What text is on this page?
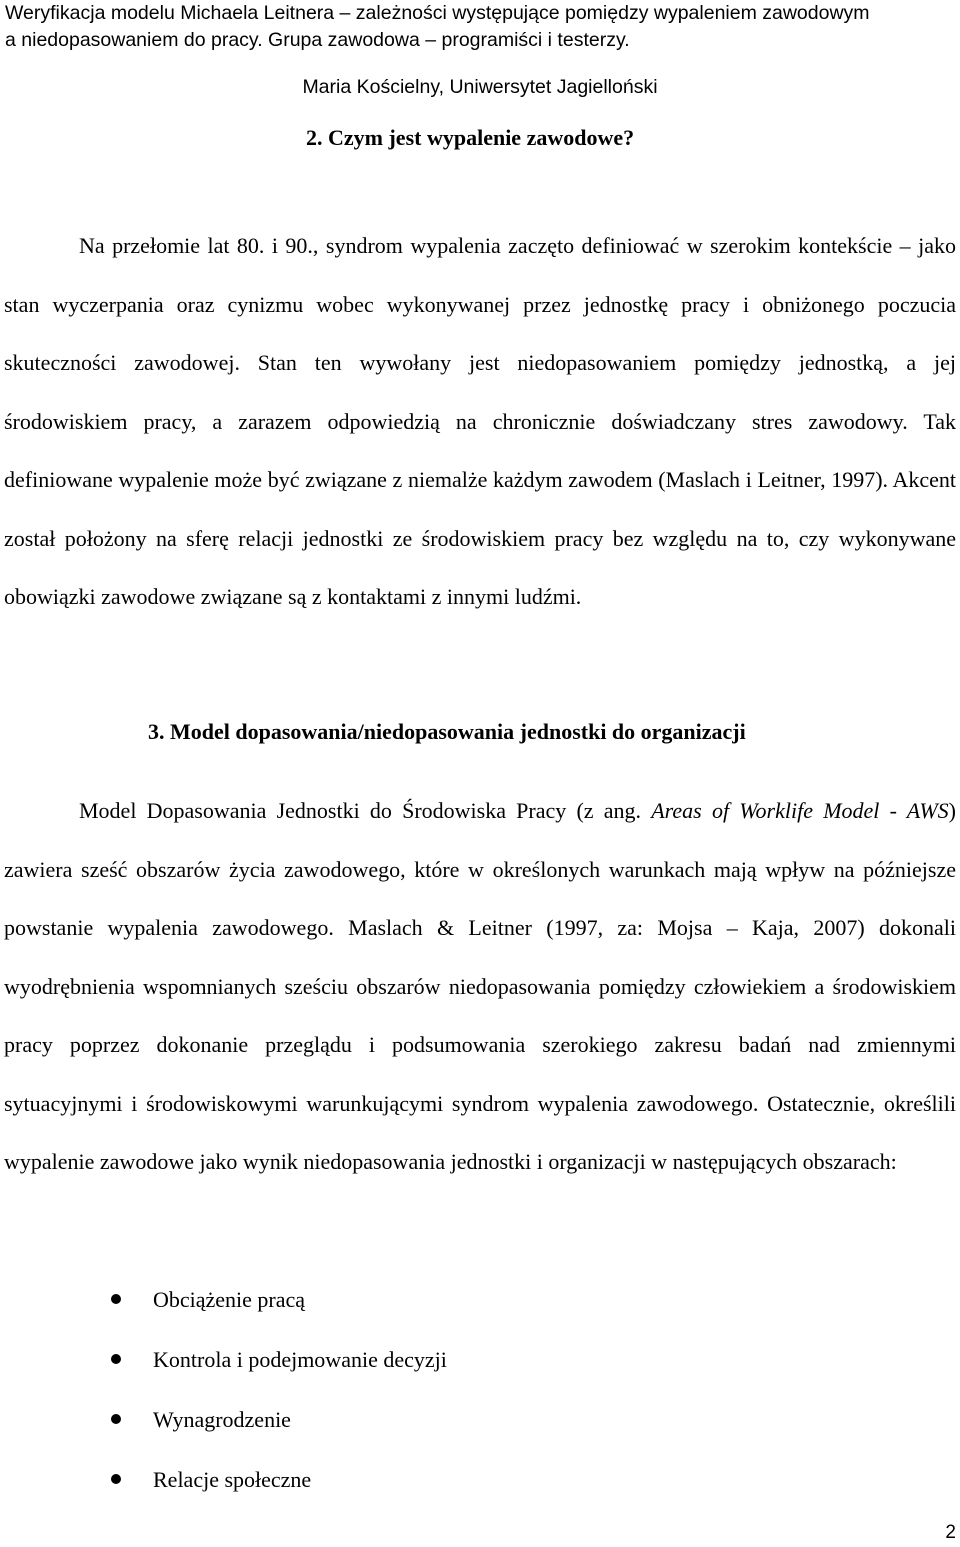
Weryfikacja modelu Michaela Leitnera – zależności występujące pomiędzy wypaleniem zawodowym
a niedopasowaniem do pracy. Grupa zawodowa – programiści i testerzy.
Maria Kościelny, Uniwersytet Jagielloński
2. Czym jest wypalenie zawodowe?
Na przełomie lat 80. i 90., syndrom wypalenia zaczęto definiować w szerokim kontekście – jako stan wyczerpania oraz cynizmu wobec wykonywanej przez jednostkę pracy i obniżonego poczucia skuteczności zawodowej. Stan ten wywołany jest niedopasowaniem pomiędzy jednostką, a jej środowiskiem pracy, a zarazem odpowiedzią na chronicznie doświadczany stres zawodowy. Tak definiowane wypalenie może być związane z niemalże każdym zawodem (Maslach i Leitner, 1997). Akcent został położony na sferę relacji jednostki ze środowiskiem pracy bez względu na to, czy wykonywane obowiązki zawodowe związane są z kontaktami z innymi ludźmi.
3. Model dopasowania/niedopasowania jednostki do organizacji
Model Dopasowania Jednostki do Środowiska Pracy (z ang. Areas of Worklife Model - AWS) zawiera sześć obszarów życia zawodowego, które w określonych warunkach mają wpływ na późniejsze powstanie wypalenia zawodowego. Maslach & Leitner (1997, za: Mojsa – Kaja, 2007) dokonali wyodrębnienia wspomnianych sześciu obszarów niedopasowania pomiędzy człowiekiem a środowiskiem pracy poprzez dokonanie przeglądu i podsumowania szerokiego zakresu badań nad zmiennymi sytuacyjnymi i środowiskowymi warunkującymi syndrom wypalenia zawodowego. Ostatecznie, określili wypalenie zawodowe jako wynik niedopasowania jednostki i organizacji w następujących obszarach:
Obciążenie pracą
Kontrola i podejmowanie decyzji
Wynagrodzenie
Relacje społeczne
2
